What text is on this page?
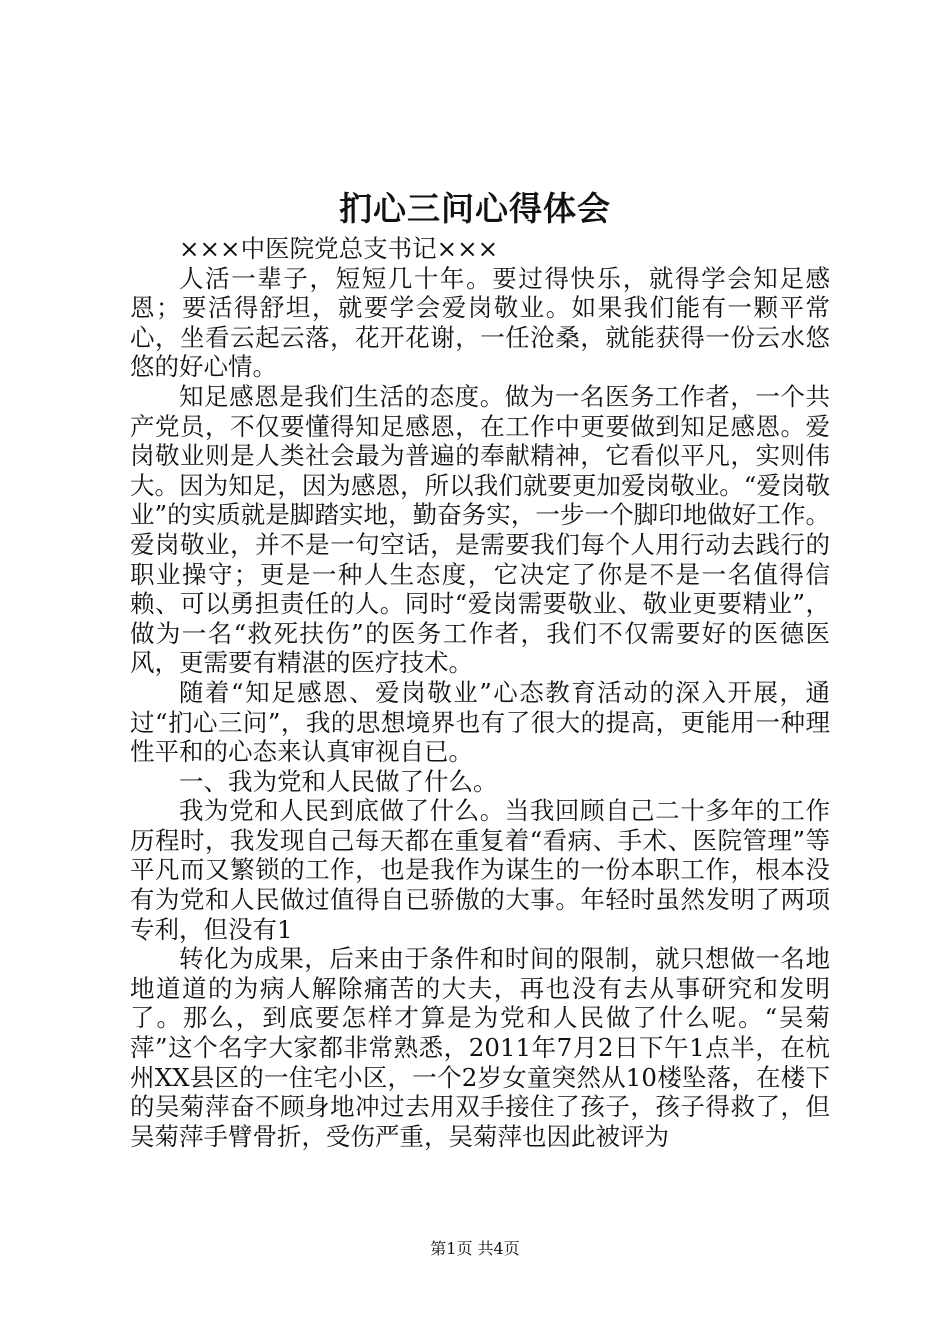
扪心三问心得体会

×××中医院党总支书记×××

人活一辈子，短短几十年。要过得快乐，就得学会知足感恩；要活得舒坦，就要学会爱岗敬业。如果我们能有一颗平常心，坐看云起云落，花开花谢，一任沧桑，就能获得一份云水悠悠的好心情。

知足感恩是我们生活的态度。做为一名医务工作者，一个共产党员，不仅要懂得知足感恩，在工作中更要做到知足感恩。爱岗敬业则是人类社会最为普遍的奉献精神，它看似平凡，实则伟大。因为知足，因为感恩，所以我们就要更加爱岗敬业。“爱岗敬业”的实质就是脚踏实地，勤奋务实，一步一个脚印地做好工作。爱岗敬业，并不是一句空话，是需要我们每个人用行动去践行的职业操守；更是一种人生态度，它决定了你是不是一名值得信赖、可以勇担责任的人。同时“爱岗需要敬业、敬业更要精业”，做为一名“救死扶伤”的医务工作者，我们不仅需要好的医德医风，更需要有精湛的医疗技术。

随着“知足感恩、爱岗敬业”心态教育活动的深入开展，通过“扪心三问”，我的思想境界也有了很大的提高，更能用一种理性平和的心态来认真审视自已。

一、我为党和人民做了什么。

我为党和人民到底做了什么。当我回顾自己二十多年的工作历程时，我发现自己每天都在重复着“看病、手术、医院管理”等平凡而又繁锁的工作，也是我作为谋生的一份本职工作，根本没有为党和人民做过值得自已骄傲的大事。年轻时虽然发明了两项专利，但没有1

转化为成果，后来由于条件和时间的限制，就只想做一名地地道道的为病人解除痛苦的大夫，再也没有去从事研究和发明了。那么，到底要怎样才算是为党和人民做了什么呢。“吴菊萍”这个名字大家都非常熟悉，2011年7月2日下午1点半，在杭州XX县区的一住宅小区，一个2岁女童突然从10楼坠落，在楼下的吴菊萍奋不顾身地冲过去用双手接住了孩子，孩子得救了，但吴菊萍手臂骨折，受伤严重，吴菊萍也因此被评为

第1页 共4页
